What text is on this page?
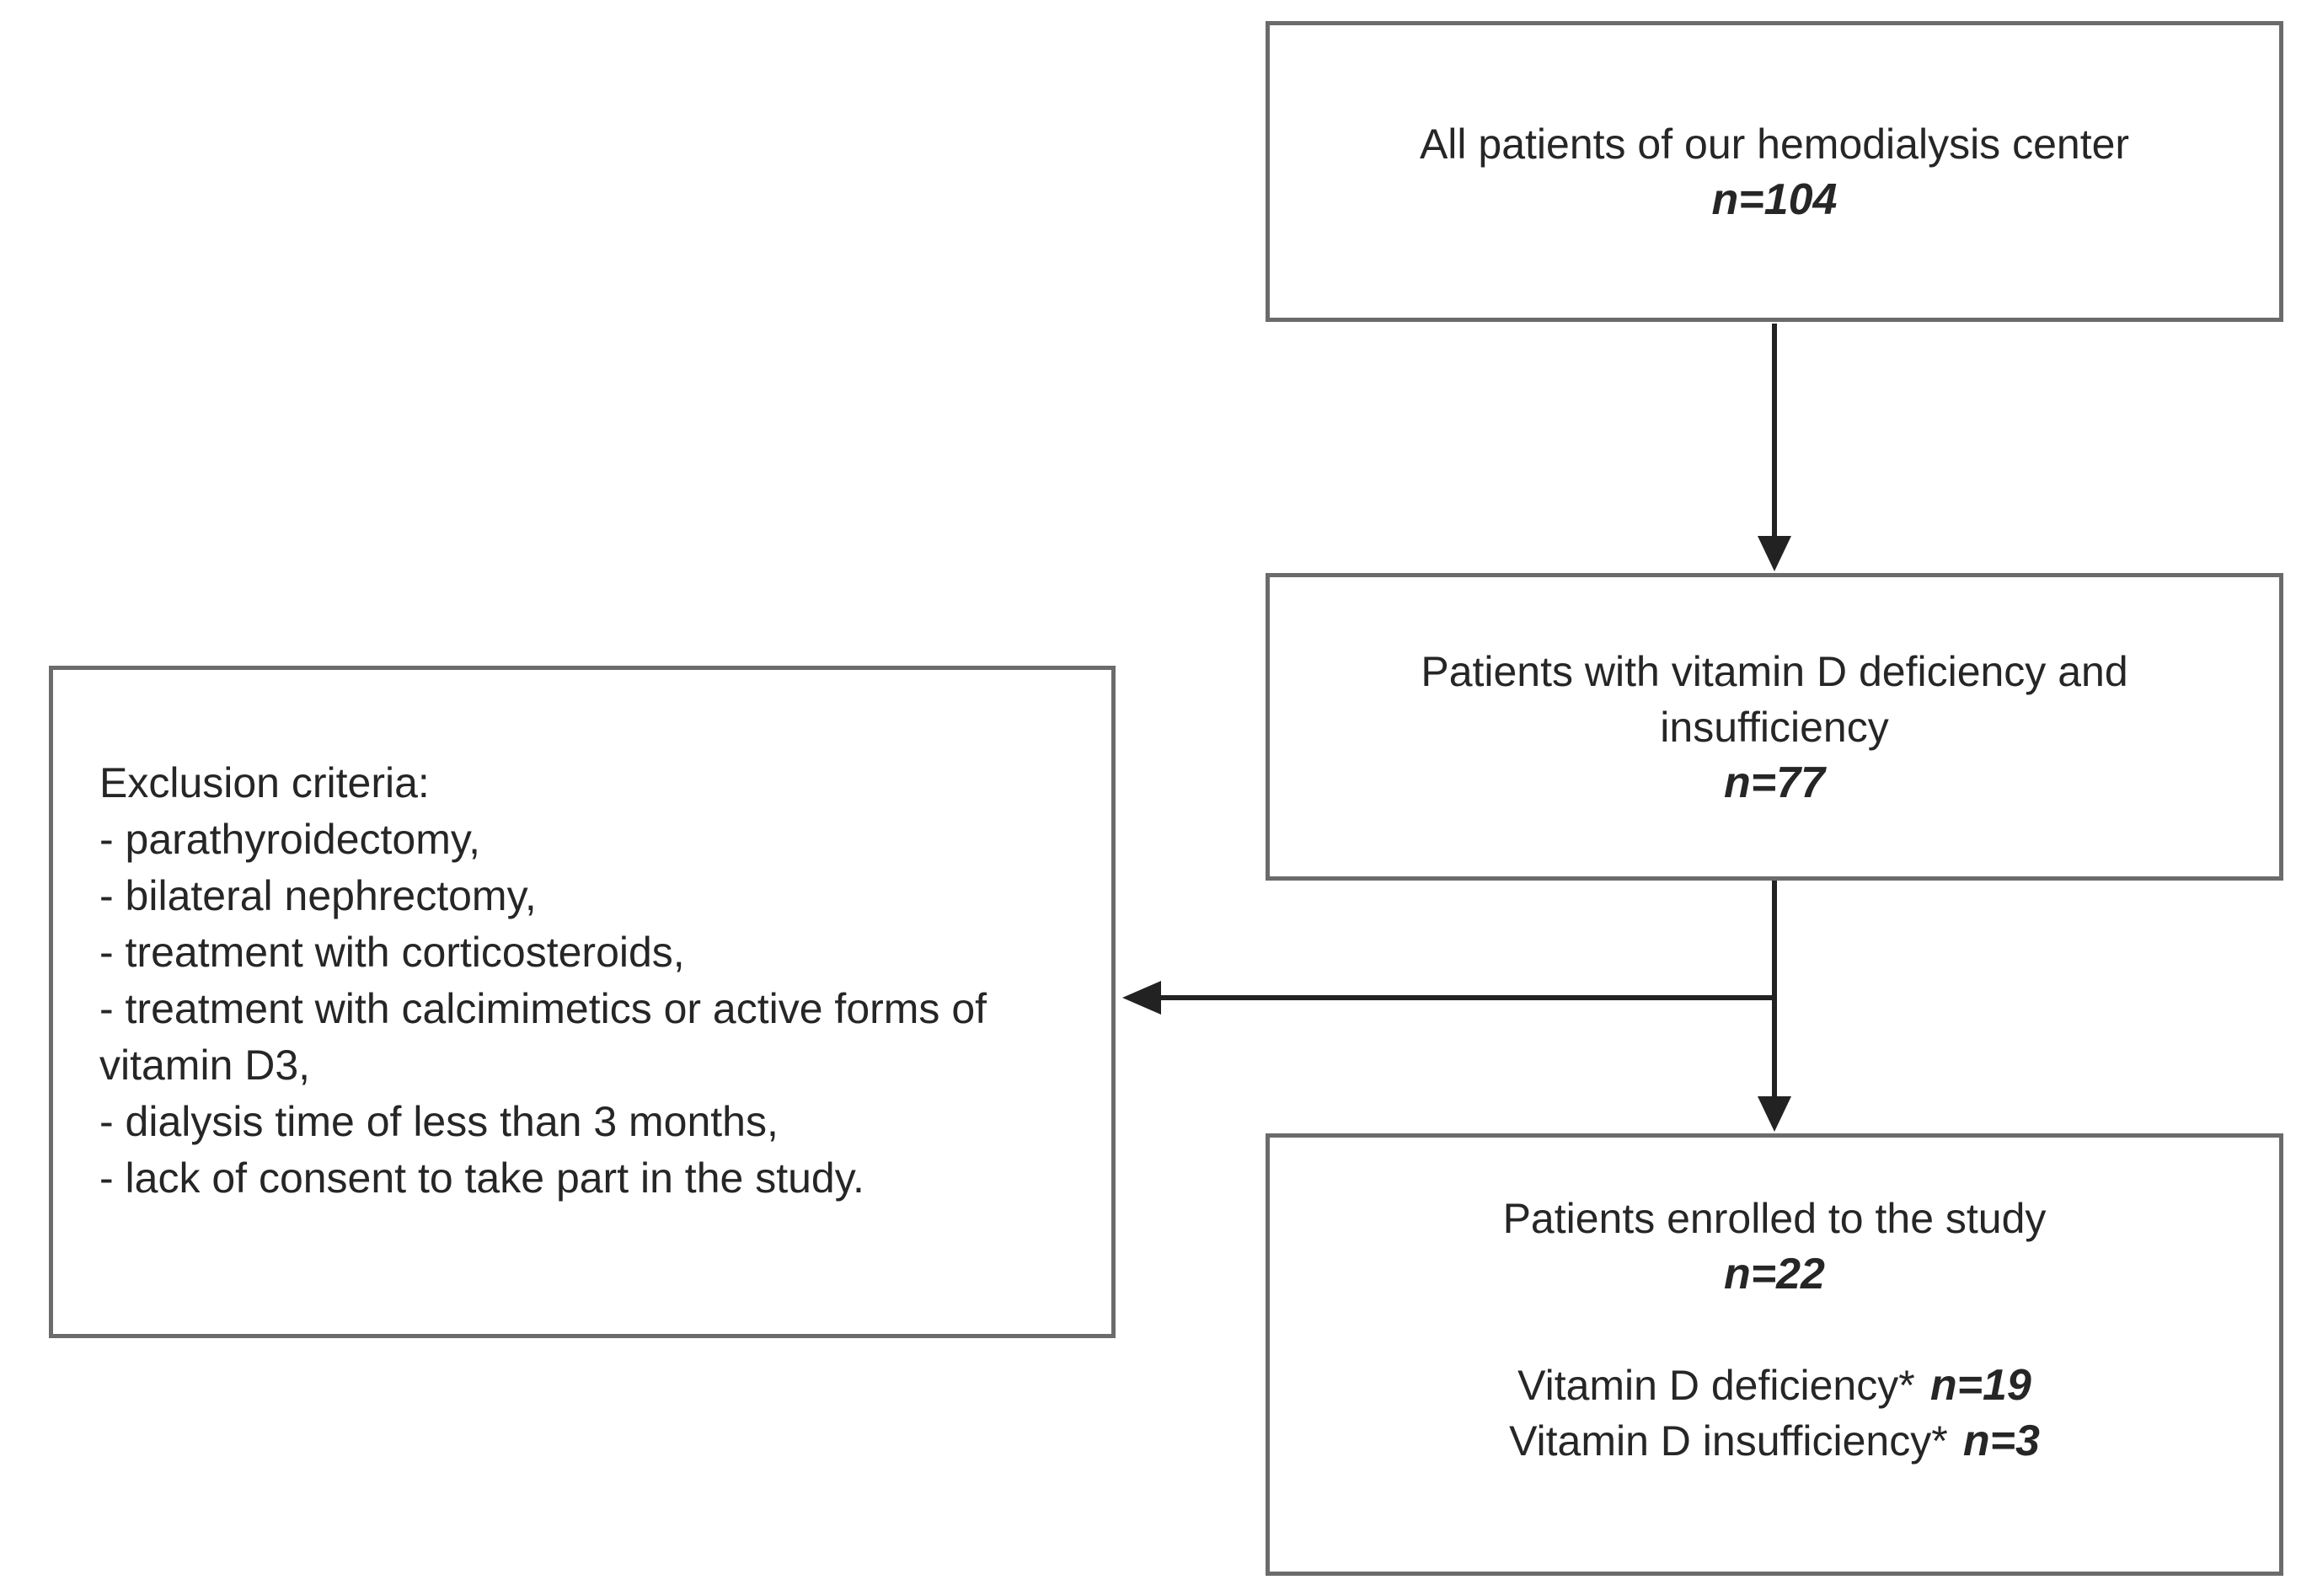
All patients of our hemodialysis center
n=104
Patients with vitamin D deficiency and insufficiency
n=77
Patients enrolled to the study
n=22
Vitamin D deficiency* n=19
Vitamin D insufficiency* n=3
Exclusion criteria:
- parathyroidectomy,
- bilateral nephrectomy,
- treatment with corticosteroids,
- treatment with calcimimetics or active forms of vitamin D3,
- dialysis time of less than 3 months,
- lack of consent to take part in the study.
